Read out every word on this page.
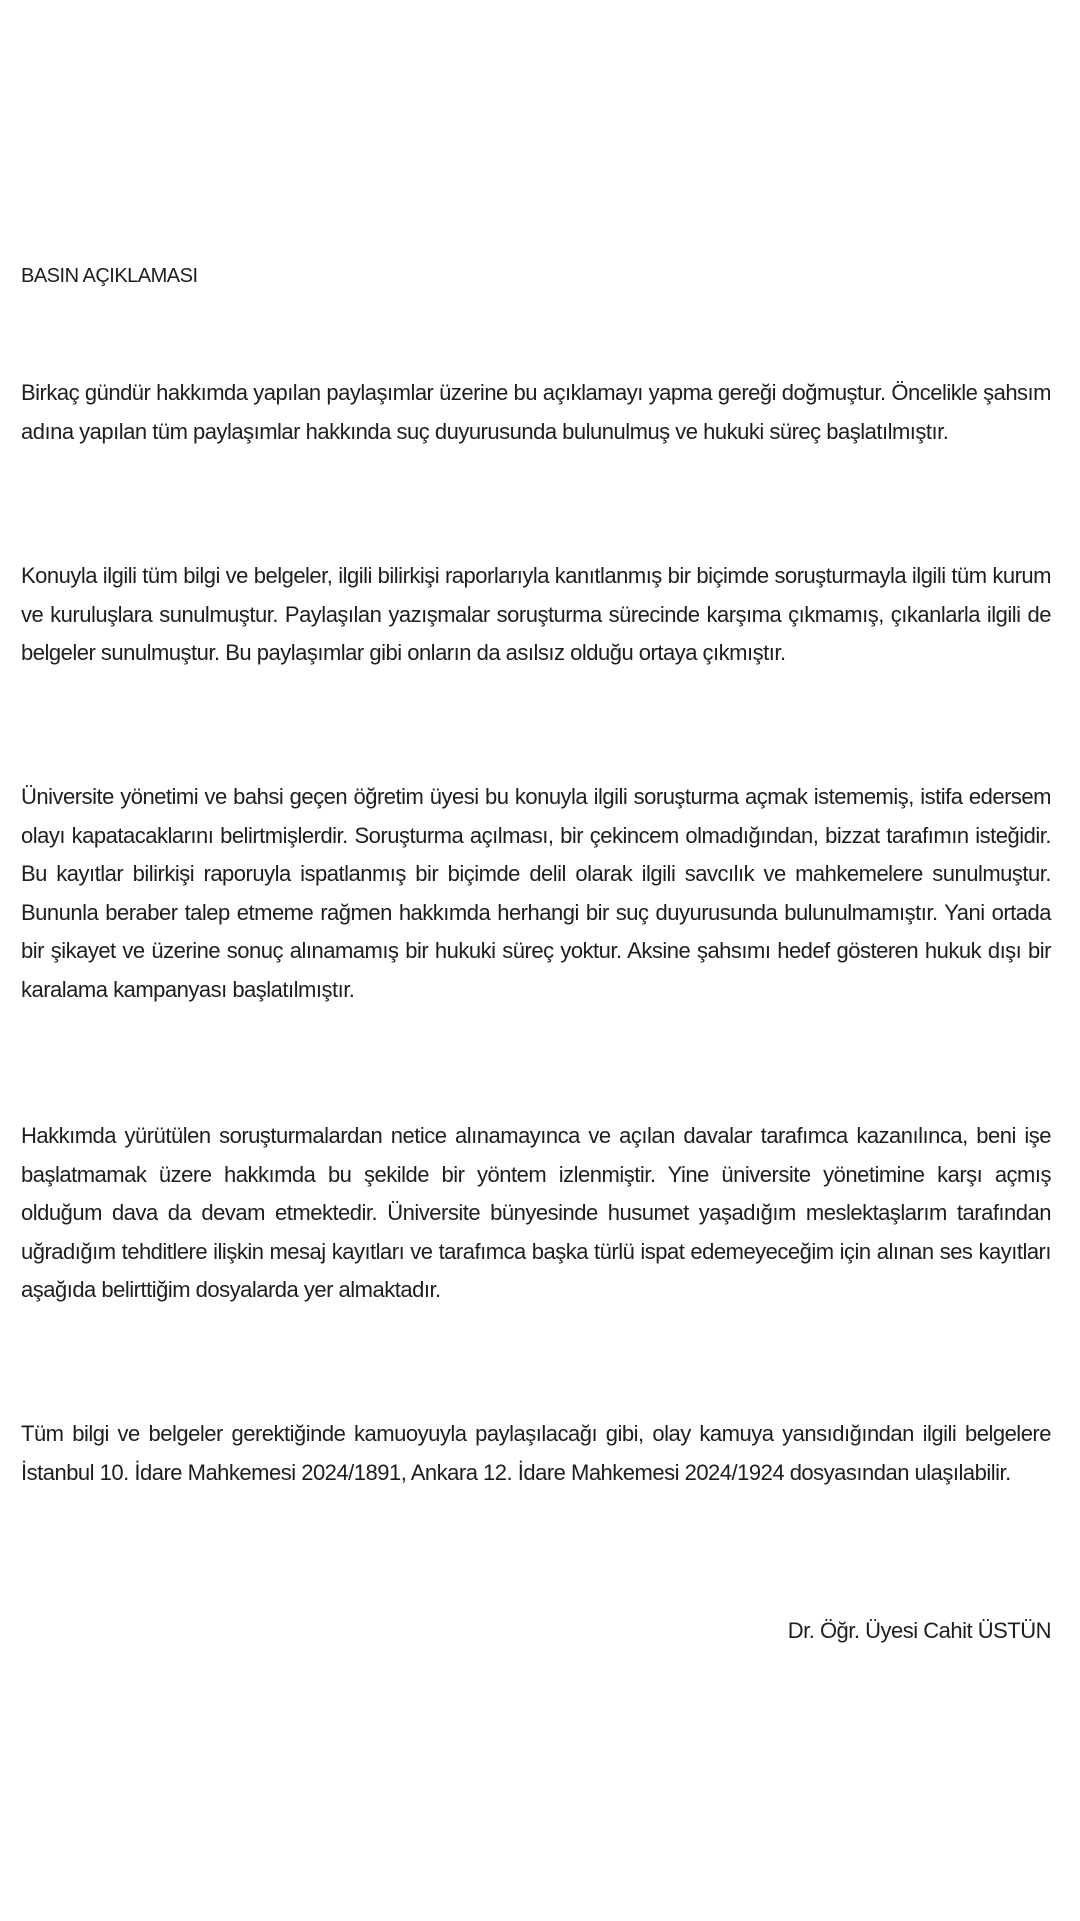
BASIN AÇIKLAMASI

Birkaç gündür hakkımda yapılan paylaşımlar üzerine bu açıklamayı yapma gereği doğmuştur. Öncelikle şahsım adına yapılan tüm paylaşımlar hakkında suç duyurusunda bulunulmuş ve hukuki süreç başlatılmıştır.

Konuyla ilgili tüm bilgi ve belgeler, ilgili bilirkişi raporlarıyla kanıtlanmış bir biçimde soruşturmayla ilgili tüm kurum ve kuruluşlara sunulmuştur. Paylaşılan yazışmalar soruşturma sürecinde karşıma çıkmamış, çıkanlarla ilgili de belgeler sunulmuştur. Bu paylaşımlar gibi onların da asılsız olduğu ortaya çıkmıştır.

Üniversite yönetimi ve bahsi geçen öğretim üyesi bu konuyla ilgili soruşturma açmak istememiş, istifa edersem olayı kapatacaklarını belirtmişlerdir. Soruşturma açılması, bir çekincem olmadığından, bizzat tarafımın isteğidir. Bu kayıtlar bilirkişi raporuyla ispatlanmış bir biçimde delil olarak ilgili savcılık ve mahkemelere sunulmuştur. Bununla beraber talep etmeme rağmen hakkımda herhangi bir suç duyurusunda bulunulmamıştır. Yani ortada bir şikayet ve üzerine sonuç alınamamış bir hukuki süreç yoktur. Aksine şahsımı hedef gösteren hukuk dışı bir karalama kampanyası başlatılmıştır.

Hakkımda yürütülen soruşturmalardan netice alınamayınca ve açılan davalar tarafımca kazanılınca, beni işe başlatmamak üzere hakkımda bu şekilde bir yöntem izlenmiştir. Yine üniversite yönetimine karşı açmış olduğum dava da devam etmektedir. Üniversite bünyesinde husumet yaşadığım meslektaşlarım tarafından uğradığım tehditlere ilişkin mesaj kayıtları ve tarafımca başka türlü ispat edemeyeceğim için alınan ses kayıtları aşağıda belirttiğim dosyalarda yer almaktadır.

Tüm bilgi ve belgeler gerektiğinde kamuoyuyla paylaşılacağı gibi, olay kamuya yansıdığından ilgili belgelere İstanbul 10. İdare Mahkemesi 2024/1891, Ankara 12. İdare Mahkemesi 2024/1924 dosyasından ulaşılabilir.

Dr. Öğr. Üyesi Cahit ÜSTÜN
